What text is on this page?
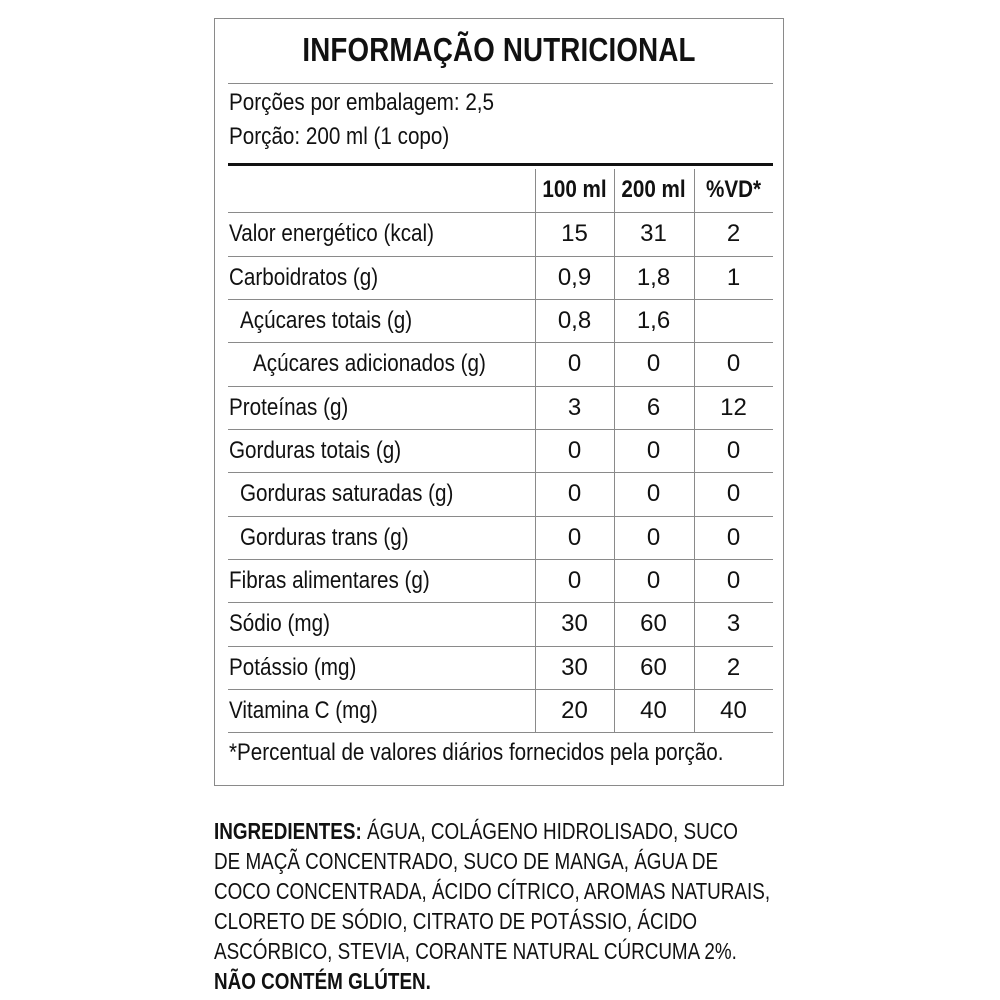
INFORMAÇÃO NUTRICIONAL
Porções por embalagem: 2,5
Porção: 200 ml (1 copo)
100 ml 200 ml %VD*
Valor energético (kcal)	15	31	2
Carboidratos (g)	0,9	1,8	1
Açúcares totais (g)	0,8	1,6
Açúcares adicionados (g)	0	0	0
Proteínas (g)	3	6	12
Gorduras totais (g)	0	0	0
Gorduras saturadas (g)	0	0	0
Gorduras trans (g)	0	0	0
Fibras alimentares (g)	0	0	0
Sódio (mg)	30	60	3
Potássio (mg)	30	60	2
Vitamina C (mg)	20	40	40
*Percentual de valores diários fornecidos pela porção.
INGREDIENTES: ÁGUA, COLÁGENO HIDROLISADO, SUCO
DE MAÇÃ CONCENTRADO, SUCO DE MANGA, ÁGUA DE
COCO CONCENTRADA, ÁCIDO CÍTRICO, AROMAS NATURAIS,
CLORETO DE SÓDIO, CITRATO DE POTÁSSIO, ÁCIDO
ASCÓRBICO, STEVIA, CORANTE NATURAL CÚRCUMA 2%.
NÃO CONTÉM GLÚTEN.
